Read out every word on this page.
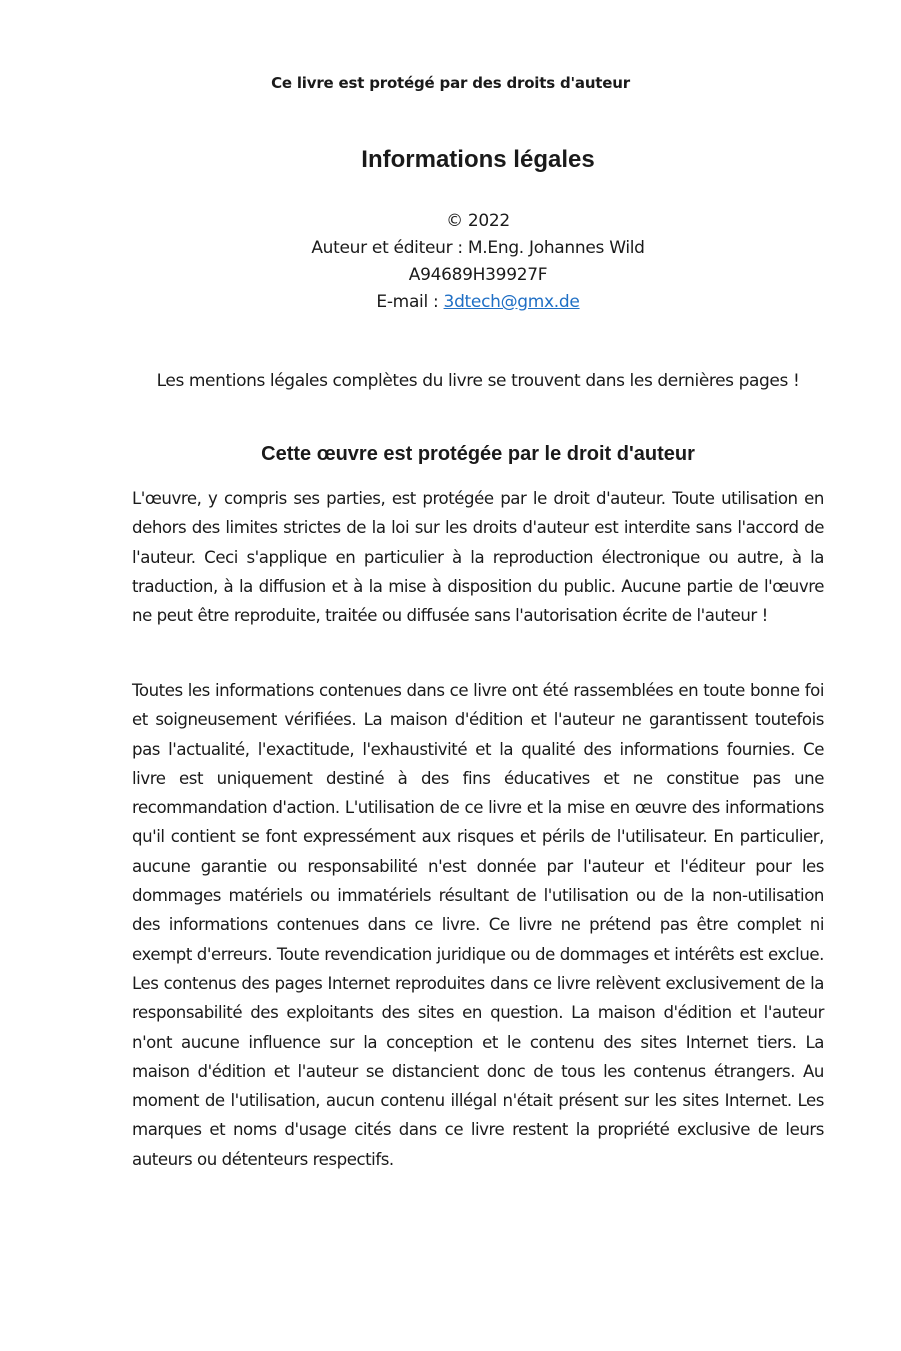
Ce livre est protégé par des droits d'auteur
Informations légales
© 2022
Auteur et éditeur : M.Eng. Johannes Wild
A94689H39927F
E-mail : 3dtech@gmx.de
Les mentions légales complètes du livre se trouvent dans les dernières pages !
Cette œuvre est protégée par le droit d'auteur

L'œuvre, y compris ses parties, est protégée par le droit d'auteur. Toute utilisation en dehors des limites strictes de la loi sur les droits d'auteur est interdite sans l'accord de l'auteur. Ceci s'applique en particulier à la reproduction électronique ou autre, à la traduction, à la diffusion et à la mise à disposition du public. Aucune partie de l'œuvre ne peut être reproduite, traitée ou diffusée sans l'autorisation écrite de l'auteur !

Toutes les informations contenues dans ce livre ont été rassemblées en toute bonne foi et soigneusement vérifiées. La maison d'édition et l'auteur ne garantissent toutefois pas l'actualité, l'exactitude, l'exhaustivité et la qualité des informations fournies. Ce livre est uniquement destiné à des fins éducatives et ne constitue pas une recommandation d'action. L'utilisation de ce livre et la mise en œuvre des informations qu'il contient se font expressément aux risques et périls de l'utilisateur. En particulier, aucune garantie ou responsabilité n'est donnée par l'auteur et l'éditeur pour les dommages matériels ou immatériels résultant de l'utilisation ou de la non-utilisation des informations contenues dans ce livre. Ce livre ne prétend pas être complet ni exempt d'erreurs. Toute revendication juridique ou de dommages et intérêts est exclue. Les contenus des pages Internet reproduites dans ce livre relèvent exclusivement de la responsabilité des exploitants des sites en question. La maison d'édition et l'auteur n'ont aucune influence sur la conception et le contenu des sites Internet tiers. La maison d'édition et l'auteur se distancient donc de tous les contenus étrangers. Au moment de l'utilisation, aucun contenu illégal n'était présent sur les sites Internet. Les marques et noms d'usage cités dans ce livre restent la propriété exclusive de leurs auteurs ou détenteurs respectifs.
